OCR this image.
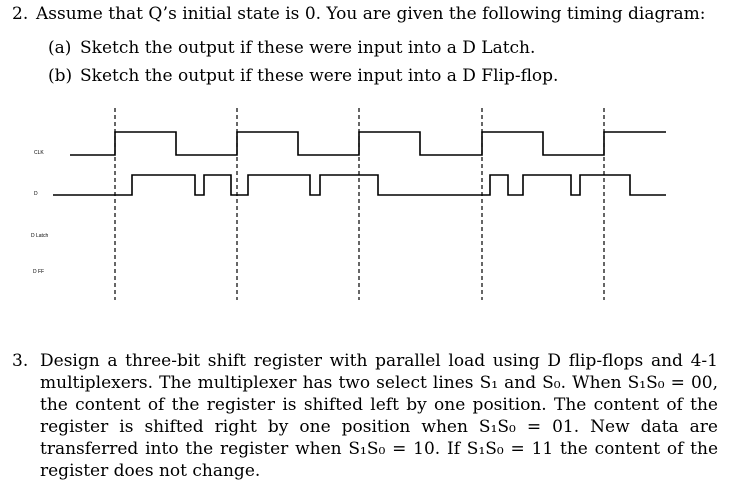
2. Assume that Q’s initial state is 0. You are given the following timing diagram:
(a) Sketch the output if these were input into a D Latch.
(b) Sketch the output if these were input into a D Flip-flop.
CLK
D
D Latch
D FF
3. Design a three-bit shift register with parallel load using D flip-flops and 4-1 multiplexers. The multiplexer has two select lines S₁ and S₀. When S₁S₀ = 00, the content of the register is shifted left by one position. The content of the register is shifted right by one position when S₁S₀ = 01. New data are transferred into the register when S₁S₀ = 10. If S₁S₀ = 11 the content of the register does not change.
